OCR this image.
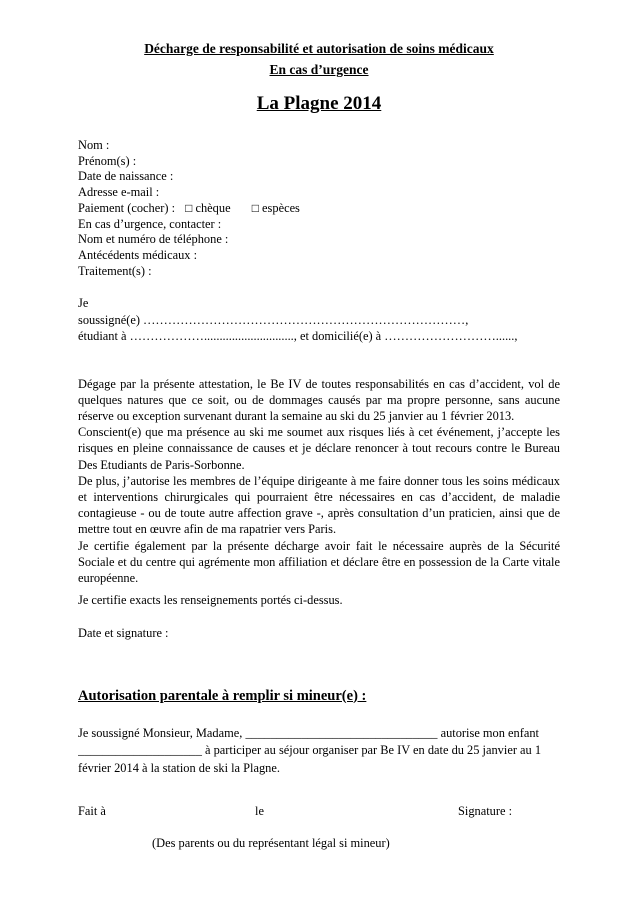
Décharge de responsabilité et autorisation de soins médicaux
En cas d’urgence
La Plagne 2014
Nom :
Prénom(s) :
Date de naissance :
Adresse e-mail :
Paiement (cocher) : □ chèque □ espèces
En cas d’urgence, contacter :
Nom et numéro de téléphone :
Antécédents médicaux :
Traitement(s) :
Je
soussigné(e) ……………………………………………………………………,
étudiant à ………………............................., et domicilié(e) à ………………………......,

Dégage par la présente attestation, le Be IV de toutes responsabilités en cas d’accident, vol de quelques natures que ce soit, ou de dommages causés par ma propre personne, sans aucune réserve ou exception survenant durant la semaine au ski du 25 janvier au 1 février 2013.

Conscient(e) que ma présence au ski me soumet aux risques liés à cet événement, j’accepte les risques en pleine connaissance de causes et je déclare renoncer à tout recours contre le Bureau Des Etudiants de Paris-Sorbonne.

De plus, j’autorise les membres de l’équipe dirigeante à me faire donner tous les soins médicaux et interventions chirurgicales qui pourraient être nécessaires en cas d’accident, de maladie contagieuse - ou de toute autre affection grave -, après consultation d’un praticien, ainsi que de mettre tout en œuvre afin de ma rapatrier vers Paris.

Je certifie également par la présente décharge avoir fait le nécessaire auprès de la Sécurité Sociale et du centre qui agrémente mon affiliation et déclare être en possession de la Carte vitale européenne.

Je certifie exacts les renseignements portés ci-dessus.
Date et signature :
Autorisation parentale à remplir si mineur(e) :
Je soussigné Monsieur, Madame, _______________________________ autorise mon enfant
____________________ à participer au séjour organiser par Be IV en date du 25 janvier au 1
février 2014 à la station de ski la Plagne.
Fait à	le	Signature :
(Des parents ou du représentant légal si mineur)
